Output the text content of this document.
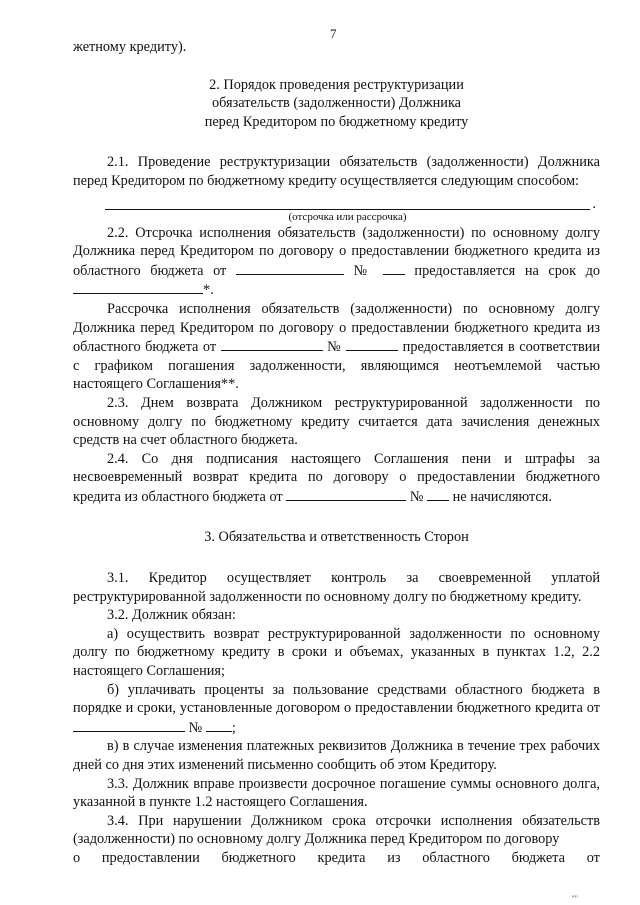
7

жетному кредиту).

2. Порядок проведения реструктуризации
обязательств (задолженности) Должника
перед Кредитором по бюджетному кредиту

2.1. Проведение реструктуризации обязательств (задолженности) Должника перед Кредитором по бюджетному кредиту осуществляется следующим способом:

.
(отсрочка или рассрочка)

2.2. Отсрочка исполнения обязательств (задолженности) по основному долгу Должника перед Кредитором по договору о предоставлении бюджетного кредита из областного бюджета от	№	предоставляется на срок до *.

Рассрочка исполнения обязательств (задолженности) по основному долгу Должника перед Кредитором по договору о предоставлении бюджетного кредита из областного бюджета от	№	предоставляется в соответствии с графиком погашения задолженности, являющимся неотъемлемой частью настоящего Соглашения**.

2.3. Днем возврата Должником реструктурированной задолженности по основному долгу по бюджетному кредиту считается дата зачисления денежных средств на счет областного бюджета.

2.4. Со дня подписания настоящего Соглашения пени и штрафы за несвоевременный возврат кредита по договору о предоставлении бюджетного кредита из областного бюджета от	№ не начисляются.

3. Обязательства и ответственность Сторон

3.1. Кредитор осуществляет контроль за своевременной уплатой реструктурированной задолженности по основному долгу по бюджетному кредиту.

3.2. Должник обязан:

а) осуществить возврат реструктурированной задолженности по основному долгу по бюджетному кредиту в сроки и объемах, указанных в пунктах 1.2, 2.2 настоящего Соглашения;

б) уплачивать проценты за пользование средствами областного бюджета в порядке и сроки, установленные договором о предоставлении бюджетного кредита от  № ;

в) в случае изменения платежных реквизитов Должника в течение трех рабочих дней со дня этих изменений письменно сообщить об этом Кредитору.

3.3. Должник вправе произвести досрочное погашение суммы основного долга, указанной в пункте 1.2 настоящего Соглашения.

3.4. При нарушении Должником срока отсрочки исполнения обязательств (задолженности) по основному долгу Должника перед Кредитором по договору

о предоставлении бюджетного кредита из областного бюджета от
""
